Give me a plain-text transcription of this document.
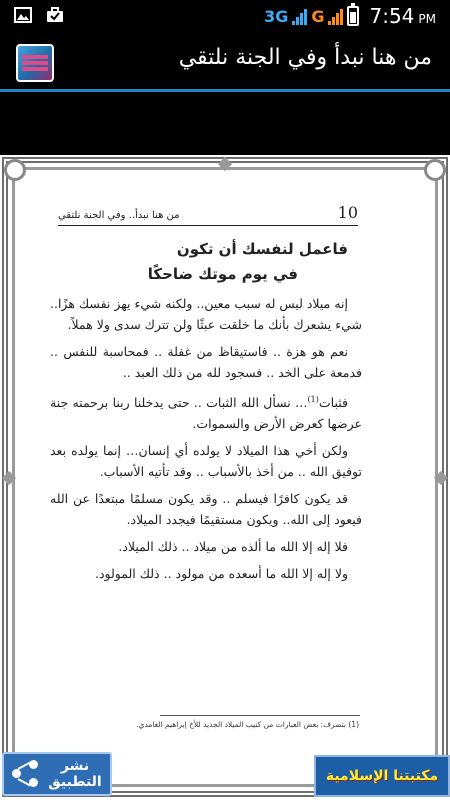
3G G 7:54 PM
من هنا نبدأ وفي الجنة نلتقي
من هنا نبدأ.. وفي الجنة نلتقي	10
فاعمل لنفسك أن تكون
في يوم موتك ضاحكًا

إنه ميلاد ليس له سبب معين.. ولكنه شيء يهز نفسك هزًا.. شيء يشعرك بأنك ما خلقت عبثًا ولن تترك سدى ولا هملاً.

نعم هو هزة .. فاستيقاظ من غفلة .. فمحاسبة للنفس .. فدمعة على الخد .. فسجود لله من ذلك العبد ..

فثبات$^{(1)}$… نسأل الله الثبات .. حتى يدخلنا ربنا برحمته جنة عرضها كعرض الأرض والسموات.

ولكن أخي هذا الميلاد لا يولده أي إنسان… إنما يولده بعد توفيق الله .. من أخذ بالأسباب .. وقد تأتيه الأسباب.

قد يكون كافرًا فيسلم .. وقد يكون مسلمًا مبتعدًا عن الله فيعود إلى الله.. ويكون مستقيمًا فيجدد الميلاد.

فلا إله إلا الله ما ألذه من ميلاد .. ذلك الميلاد.

ولا إله إلا الله ما أسعده من مولود .. ذلك المولود.

(1) بتصرف: بعض العبارات من كتيب الميلاد الجديد للأخ إبراهيم الغامدي.
نشر
التطبيق	مكتبتنا الإسلامية
